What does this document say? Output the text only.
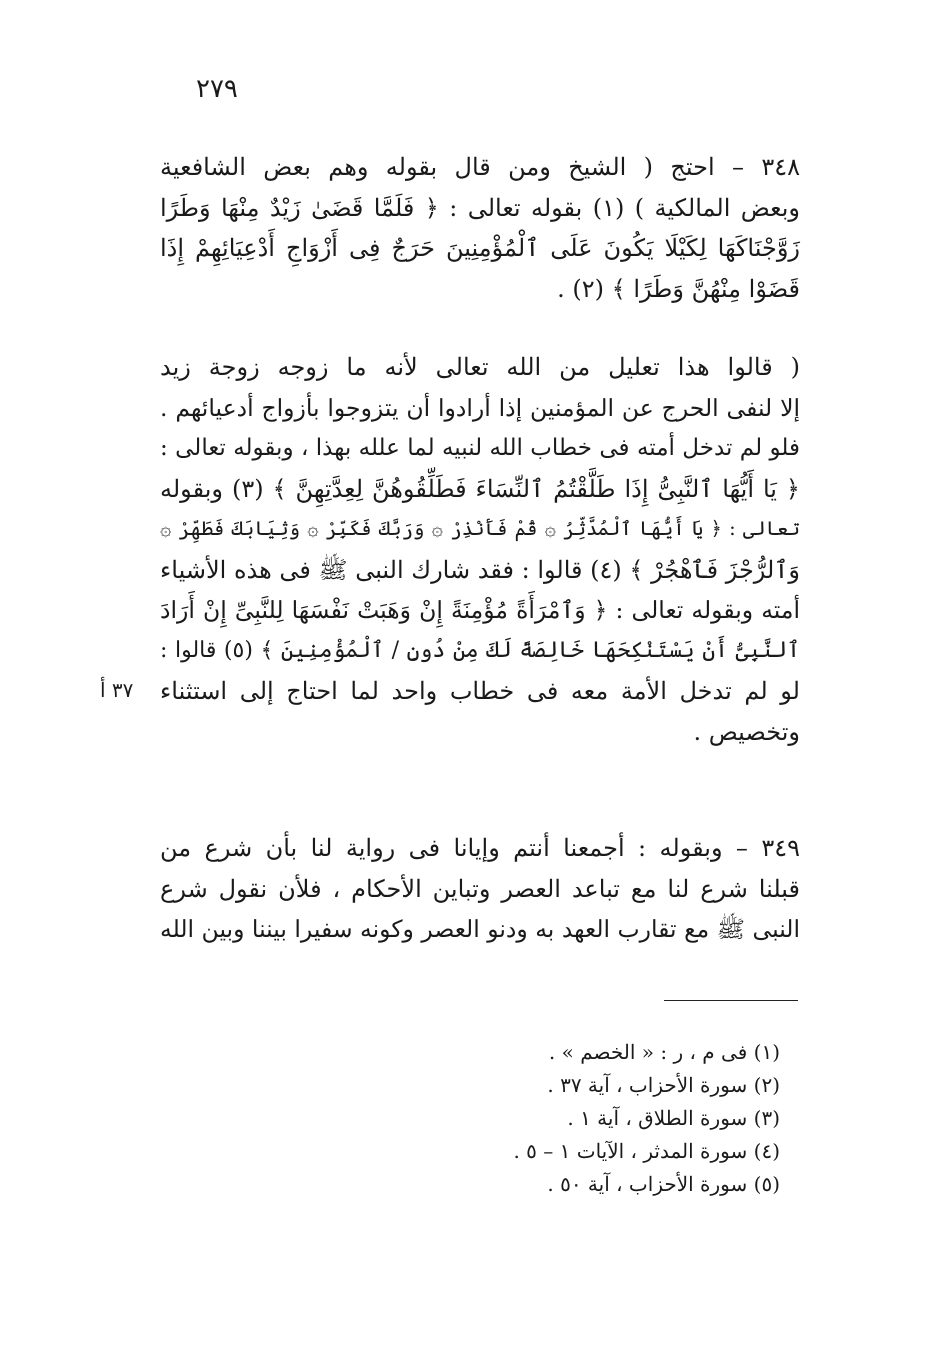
٢٧٩
٣٤٨ – احتج ( الشيخ ومن قال بقوله وهم بعض الشافعية
وبعض المالكية ) (١) بقوله تعالى : ﴿ فَلَمَّا قَضَىٰ زَيْدٌ مِنْهَا وَطَرًا
زَوَّجْنَاكَهَا لِكَيْلَا يَكُونَ عَلَى ٱلْمُؤْمِنِينَ حَرَجٌ فِى أَزْوَاجِ أَدْعِيَائِهِمْ إِذَا
قَضَوْا مِنْهُنَّ وَطَرًا ﴾ (٢) .
( قالوا هذا تعليل من الله تعالى لأنه ما زوجه زوجة زيد
إلا لنفى الحرج عن المؤمنين إذا أرادوا أن يتزوجوا بأزواج أدعيائهم .
فلو لم تدخل أمته فى خطاب الله لنبيه لما علله بهذا ، وبقوله تعالى :
﴿ يَا أَيُّهَا ٱلنَّبِىُّ إِذَا طَلَّقْتُمُ ٱلنِّسَاءَ فَطَلِّقُوهُنَّ لِعِدَّتِهِنَّ ﴾ (٣) وبقوله
تعالى : ﴿ يَا أَيُّهَا ٱلْمُدَّثِّرُ ۞ قُمْ فَأَنْذِرْ ۞ وَرَبَّكَ فَكَبِّرْ ۞ وَثِيَابَكَ فَطَهِّرْ ۞
وَٱلرُّجْزَ فَٱهْجُرْ ﴾ (٤) قالوا : فقد شارك النبى ﷺ فى هذه الأشياء
أمته وبقوله تعالى : ﴿ وَٱمْرَأَةً مُؤْمِنَةً إِنْ وَهَبَتْ نَفْسَهَا لِلنَّبِىِّ إِنْ أَرَادَ
ٱلنَّبِىُّ أَنْ يَسْتَنْكِحَهَا خَالِصَةً لَكَ مِنْ دُونِ / ٱلْمُؤْمِنِينَ ﴾ (٥) قالوا :
لو لم تدخل الأمة معه فى خطاب واحد لما احتاج إلى استثناء
وتخصيص .
٣٧ أ
٣٤٩ – وبقوله : أجمعنا أنتم وإيانا فى رواية لنا بأن شرع من
قبلنا شرع لنا مع تباعد العصر وتباين الأحكام ، فلأن نقول شرع
النبى ﷺ مع تقارب العهد به ودنو العصر وكونه سفيرا بيننا وبين الله
(١) فى م ، ر : « الخصم » .
(٢) سورة الأحزاب ، آية ٣٧ .
(٣) سورة الطلاق ، آية ١ .
(٤) سورة المدثر ، الآيات ١ – ٥ .
(٥) سورة الأحزاب ، آية ٥٠ .
